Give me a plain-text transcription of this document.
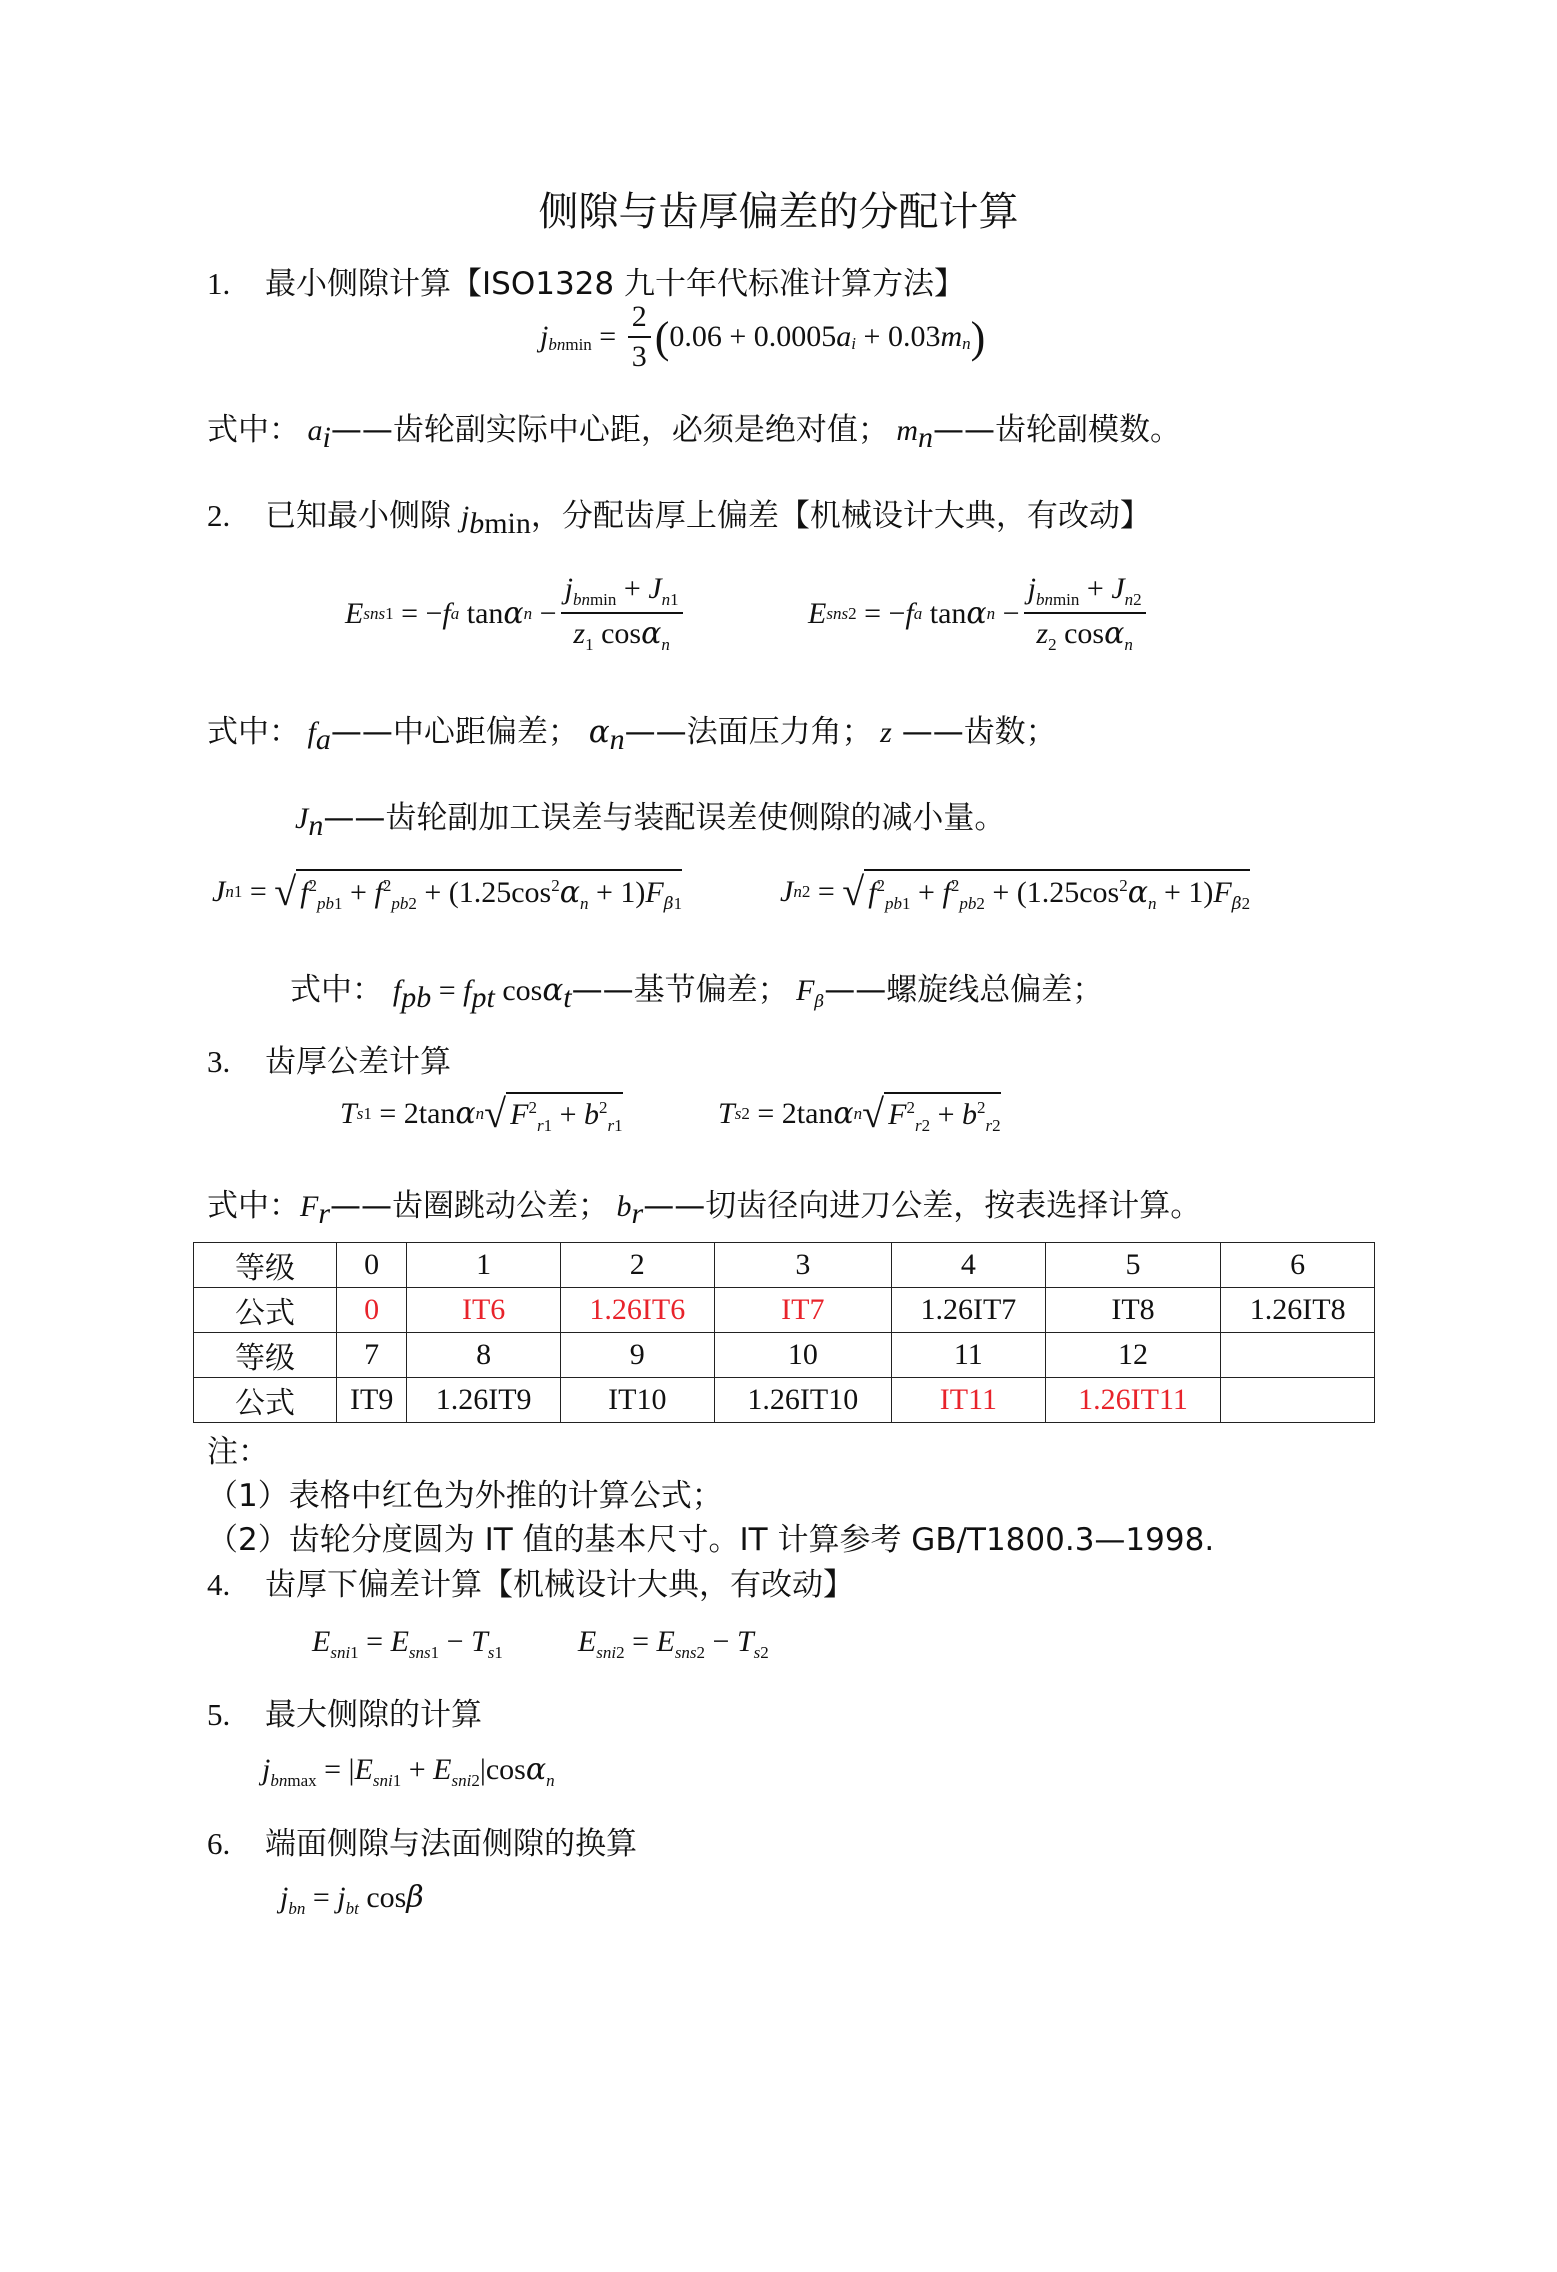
侧隙与齿厚偏差的分配计算
1. 最小侧隙计算【ISO1328 九十年代标准计算方法】
$j_{bn}$ $\min = \frac{2}{3}$ ( 0.06 + 0.0005 $a_i + 0.03$ $m_n$ )
式中： $a_i——$齿轮副实际中心距，必须是绝对值； $m_n——$齿轮副模数。
2. 已知最小侧隙 $j_{bmin}$，分配齿厚上偏差【机械设计大典，有改动】
E sns 1 = − f a tan α $n - \frac{j_{bnmin} + J_{n1}}{z_1 \cos\alpha_n}$	E sns 2 = − f a tan α $n - \frac{j_{bnmin} + J_{n2}}{z_2 \cos\alpha_n}$
式中： $f_a——$中心距偏差； $\alpha_n——$法面压力角； z ——齿数；
$J_n——$齿轮副加工误差与装配误差使侧隙的减小量。
J n 1 = √ $f^2_{pb1} + f^2_{pb2} + (1.25\cos^2\alpha_n + 1)F_{\beta 1}$	J n 2 = √ $f^2_{pb1} + f^2_{pb2} + (1.25\cos^2\alpha_n + 1)F_{\beta 2}$
式中： $f_{pb} = f_{pt}$ cosα$_t$——基节偏差； $F_\beta——$螺旋线总偏差；
3. 齿厚公差计算
T s 1 = 2tan α n √ $F^2_{r1} + b^2_{r1}$	T s 2 = 2tan α n √ $F^2_{r2} + b^2_{r2}$
式中：$F_r——$齿圈跳动公差； $b_r——$切齿径向进刀公差，按表选择计算。
等级	0	1	2	3	4	5	6
公式	0	IT6	1.26IT6	IT7	1.26IT7	IT8	1.26IT8
等级	7	8	9	10	11	12	
公式	IT9	1.26IT9	IT10	1.26IT10	IT11	1.26IT11	
注：
（1）表格中红色为外推的计算公式；
（2）齿轮分度圆为 IT 值的基本尺寸。IT 计算参考 GB/T1800.3—1998.
4. 齿厚下偏差计算【机械设计大典，有改动】
$E_{sni1} = E_{sns1} - T_{s1}$	$E_{sni2} = E_{sns2} - T_{s2}$
5. 最大侧隙的计算
$j_{bnmax} = |E_{sni1} + E_{sni2}|\cos\alpha_n$
6. 端面侧隙与法面侧隙的换算
$j_{bn} = j_{bt}$ cosβ
